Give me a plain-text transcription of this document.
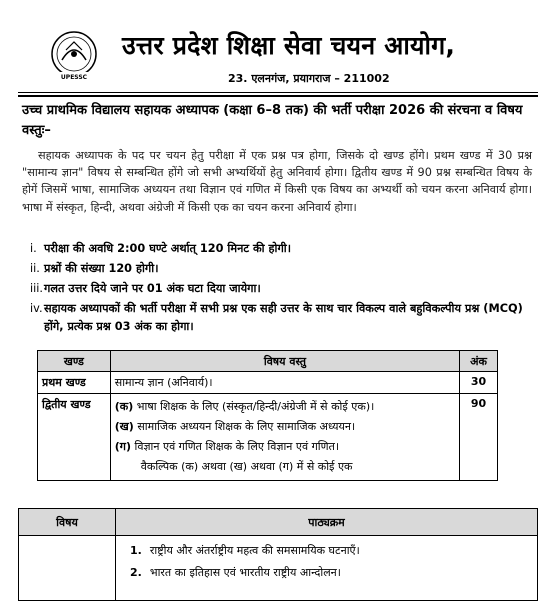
UPESSC
उत्तर प्रदेश शिक्षा सेवा चयन आयोग,
23. एलनगंज, प्रयागराज – 211002
उच्च प्राथमिक विद्यालय सहायक अध्यापक (कक्षा 6–8 तक) की भर्ती परीक्षा 2026 की संरचना व विषय वस्तुः–
सहायक अध्यापक के पद पर चयन हेतु परीक्षा में एक प्रश्न पत्र होगा, जिसके दो खण्ड होंगे। प्रथम खण्ड में 30 प्रश्न "सामान्य ज्ञान" विषय से सम्बन्धित होंगे जो सभी अभ्यर्थियों हेतु अनिवार्य होगा। द्वितीय खण्ड में 90 प्रश्न सम्बन्धित विषय के होगें जिसमें भाषा, सामाजिक अध्ययन तथा विज्ञान एवं गणित में किसी एक विषय का अभ्यर्थी को चयन करना अनिवार्य होगा। भाषा में संस्कृत, हिन्दी, अथवा अंग्रेजी में किसी एक का चयन करना अनिवार्य होगा।
i. परीक्षा की अवधि 2:00 घण्टे अर्थात् 120 मिनट की होगी।
ii. प्रश्नों की संख्या 120 होगी।
iii. गलत उत्तर दिये जाने पर 01 अंक घटा दिया जायेगा।
iv. सहायक अध्यापकों की भर्ती परीक्षा में सभी प्रश्न एक सही उत्तर के साथ चार विकल्प वाले बहुविकल्पीय प्रश्न (MCQ) होंगे, प्रत्येक प्रश्न 03 अंक का होगा।
खण्ड	विषय वस्तु	अंक
प्रथम खण्ड	सामान्य ज्ञान (अनिवार्य)।	30
द्वितीय खण्ड	(क) भाषा शिक्षक के लिए (संस्कृत/हिन्दी/अंग्रेजी में से कोई एक)।
(ख) सामाजिक अध्ययन शिक्षक के लिए सामाजिक अध्ययन।
(ग) विज्ञान एवं गणित शिक्षक के लिए विज्ञान एवं गणित।
वैकल्पिक (क) अथवा (ख) अथवा (ग) में से कोई एक	90
विषय	पाठ्यक्रम

	1. राष्ट्रीय और अंतर्राष्ट्रीय महत्व की समसामयिक घटनाएँ।
2. भारत का इतिहास एवं भारतीय राष्ट्रीय आन्दोलन।
